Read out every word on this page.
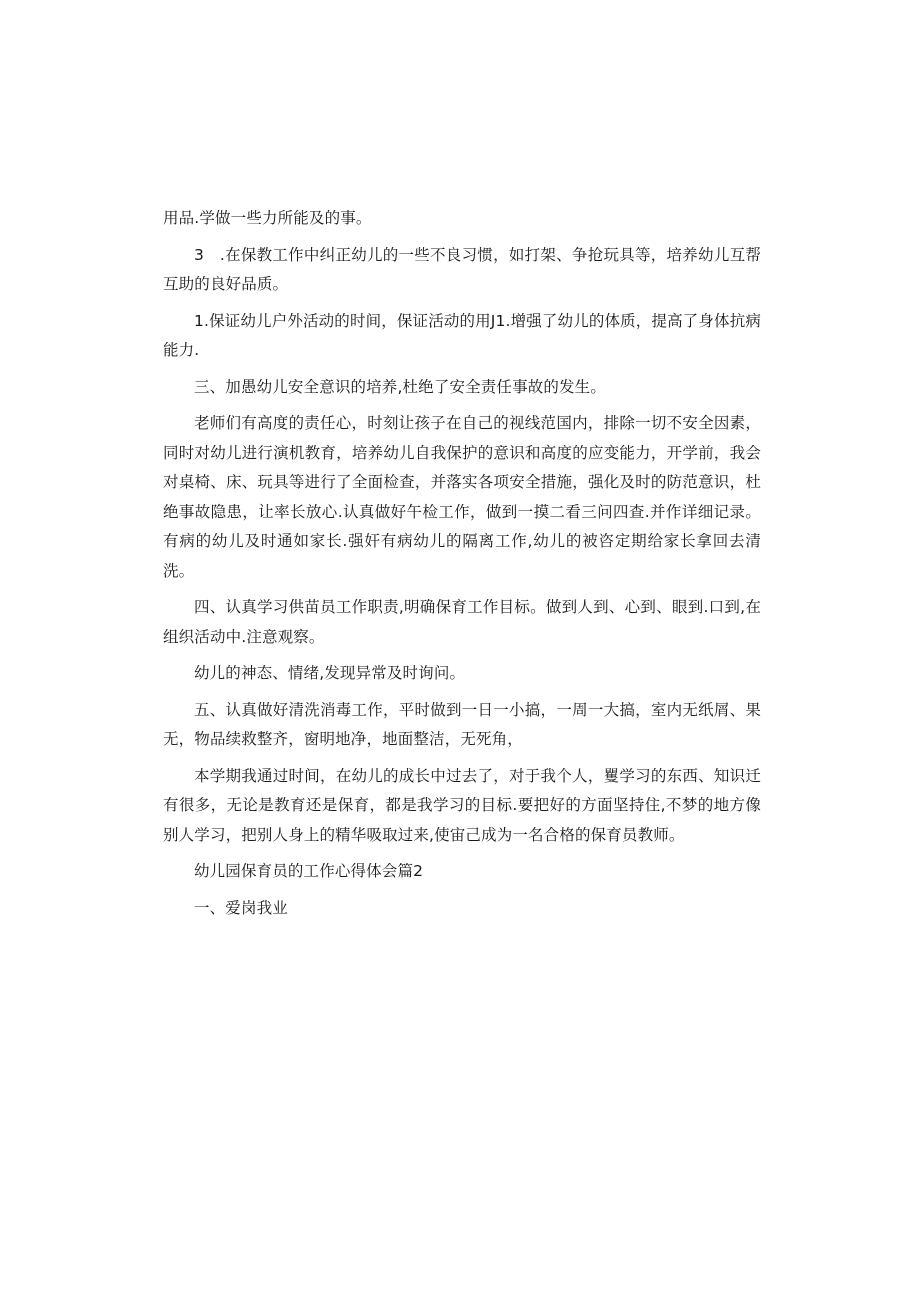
用品.学做一些力所能及的事。

3　.在保教工作中纠正幼儿的一些不良习惯，如打架、争抢玩具等，培养幼儿互帮互助的良好品质。

1.保证幼儿户外活动的时间，保证活动的用J1.增强了幼儿的体质，提高了身体抗病能力.

三、加愚幼儿安全意识的培养,杜绝了安全责任事故的发生。

老师们有高度的责任心，时刻让孩子在自己的视线范国内，排除一切不安全因素，同时对幼儿进行演机教育，培养幼儿自我保护的意识和高度的应变能力，开学前，我会对桌椅、床、玩具等进行了全面检查，并落实各项安全措施，强化及时的防范意识，杜绝事故隐患，让率长放心.认真做好午检工作，做到一摸二看三问四查.并作详细记录。有病的幼儿及时通如家长.强奸有病幼儿的隔离工作,幼儿的被咨定期给家长拿回去清洗。

四、认真学习供苗员工作职责,明确保育工作目标。做到人到、心到、眼到.口到,在组织活动中.注意观察。

幼儿的神态、情绪,发现异常及时询问。

五、认真做好清洗消毒工作，平时做到一日一小搞，一周一大搞，室内无纸屑、果无，物品续救整齐，窗明地净，地面整洁，无死角，

本学期我通过时间，在幼儿的成长中过去了，对于我个人，矍学习的东西、知识迁有很多，无论是教育还是保育，都是我学习的目标.要把好的方面坚持住,不梦的地方像别人学习，把别人身上的精华吸取过来,使宙己成为一名合格的保育员教师。

幼儿园保育员的工作心得体会篇2

一、爱岗我业
